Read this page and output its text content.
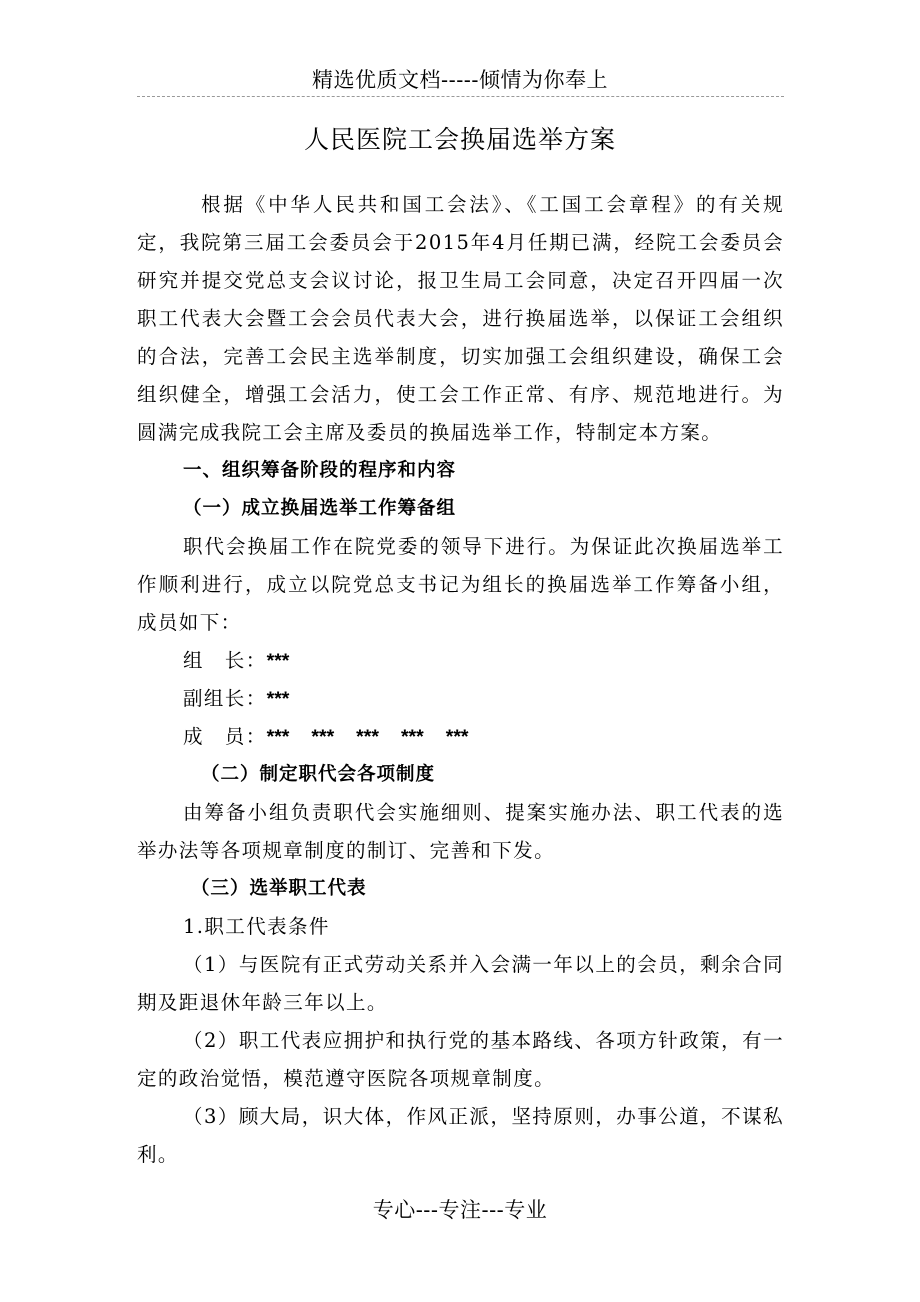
精选优质文档-----倾情为你奉上
人民医院工会换届选举方案

根据《中华人民共和国工会法》、《工国工会章程》的有关规定，我院第三届工会委员会于2015年4月任期已满，经院工会委员会研究并提交党总支会议讨论，报卫生局工会同意，决定召开四届一次职工代表大会暨工会会员代表大会，进行换届选举，以保证工会组织的合法，完善工会民主选举制度，切实加强工会组织建设，确保工会组织健全，增强工会活力，使工会工作正常、有序、规范地进行。为圆满完成我院工会主席及委员的换届选举工作，特制定本方案。

一、组织筹备阶段的程序和内容

（一）成立换届选举工作筹备组

职代会换届工作在院党委的领导下进行。为保证此次换届选举工作顺利进行，成立以院党总支书记为组长的换届选举工作筹备小组，成员如下：

组　长：***

副组长：***

成　员：*** *** *** *** ***

（二）制定职代会各项制度

由筹备小组负责职代会实施细则、提案实施办法、职工代表的选举办法等各项规章制度的制订、完善和下发。

（三）选举职工代表

1.职工代表条件

（1）与医院有正式劳动关系并入会满一年以上的会员，剩余合同期及距退休年龄三年以上。

（2）职工代表应拥护和执行党的基本路线、各项方针政策，有一定的政治觉悟，模范遵守医院各项规章制度。

（3）顾大局，识大体，作风正派，坚持原则，办事公道，不谋私利。

专心---专注---专业
